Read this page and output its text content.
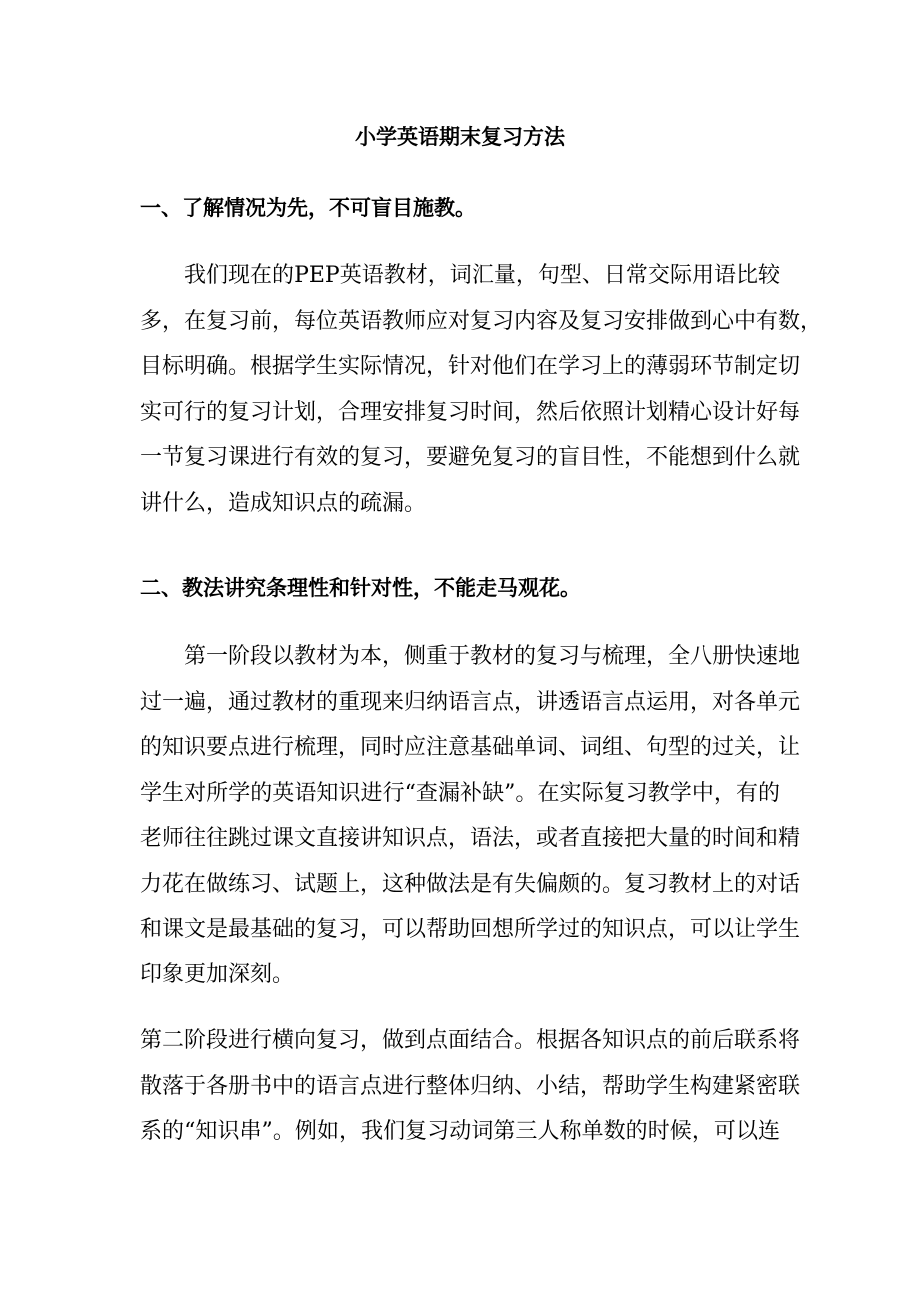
小学英语期末复习方法
一、了解情况为先，不可盲目施教。
我们现在的PEP英语教材，词汇量，句型、日常交际用语比较
多，在复习前，每位英语教师应对复习内容及复习安排做到心中有数，
目标明确。根据学生实际情况，针对他们在学习上的薄弱环节制定切
实可行的复习计划，合理安排复习时间，然后依照计划精心设计好每
一节复习课进行有效的复习，要避免复习的盲目性，不能想到什么就
讲什么，造成知识点的疏漏。
二、教法讲究条理性和针对性，不能走马观花。
第一阶段以教材为本，侧重于教材的复习与梳理，全八册快速地
过一遍，通过教材的重现来归纳语言点，讲透语言点运用，对各单元
的知识要点进行梳理，同时应注意基础单词、词组、句型的过关，让
学生对所学的英语知识进行“查漏补缺”。在实际复习教学中，有的
老师往往跳过课文直接讲知识点，语法，或者直接把大量的时间和精
力花在做练习、试题上，这种做法是有失偏颇的。复习教材上的对话
和课文是最基础的复习，可以帮助回想所学过的知识点，可以让学生
印象更加深刻。
第二阶段进行横向复习，做到点面结合。根据各知识点的前后联系将
散落于各册书中的语言点进行整体归纳、小结，帮助学生构建紧密联
系的“知识串”。例如，我们复习动词第三人称单数的时候，可以连
